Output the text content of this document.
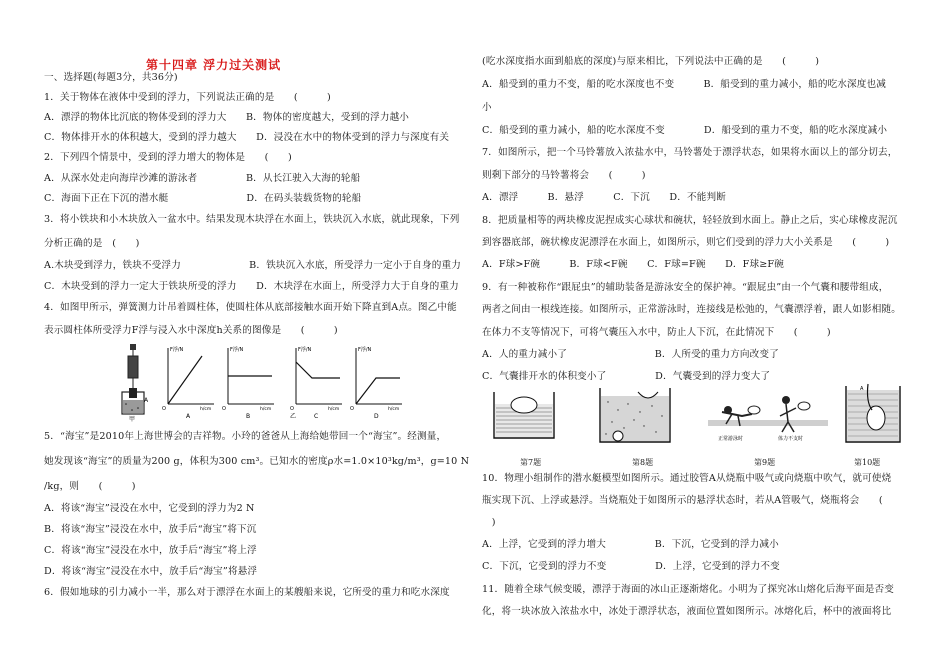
第十四章 浮力过关测试
一、选择题(每题3分，共36分)
1．关于物体在液体中受到的浮力，下列说法正确的是　　(　　　)
A．漂浮的物体比沉底的物体受到的浮力大　　B．物体的密度越大，受到的浮力越小
C．物体排开水的体积越大，受到的浮力越大　　D．浸没在水中的物体受到的浮力与深度有关
2．下列四个情景中，受到的浮力增大的物体是　　(　　)
A．从深水处走向海岸沙滩的游泳者　　　　　B．从长江驶入大海的轮船
C．海面下正在下沉的潜水艇　　　　　　　　D．在码头装载货物的轮船
3．将小铁块和小木块放入一盆水中。结果发现木块浮在水面上，铁块沉入水底，就此现象，下列
分析正确的是　(　　)
A.木块受到浮力，铁块不受浮力　　　　　　　B．铁块沉入水底，所受浮力一定小于自身的重力
C．木块受到的浮力一定大于铁块所受的浮力　　D．木块浮在水面上，所受浮力大于自身的重力
4．如图甲所示，弹簧测力计吊着圆柱体，使圆柱体从底部接触水面开始下降直到A点。图乙中能
表示圆柱体所受浮力F浮与浸入水中深度h关系的图像是　　(　　　)
A
甲
F浮/N
O	h/cm
A
F浮/N
O	h/cm
B	乙
F浮/N
O	h/cm
C
F浮/N
O	h/cm
D
5．“海宝”是2010年上海世博会的吉祥物。小玲的爸爸从上海给她带回一个“海宝”。经测量，
她发现该“海宝”的质量为200 g，体积为300 cm³。已知水的密度ρ水=1.0×10³kg/m³，g=10 N
/kg，则　　(　　　)
A．将该“海宝”浸没在水中，它受到的浮力为2 N
B．将该“海宝”浸没在水中，放手后“海宝”将下沉
C．将该“海宝”浸没在水中，放手后“海宝”将上浮
D．将该“海宝”浸没在水中，放手后“海宝”将悬浮
6．假如地球的引力减小一半，那么对于漂浮在水面上的某艘船来说，它所受的重力和吃水深度
(吃水深度指水面到船底的深度)与原来相比，下列说法中正确的是　　(　　　)
A．船受到的重力不变，船的吃水深度也不变　　　B．船受到的重力减小，船的吃水深度也减
小
C．船受到的重力减小，船的吃水深度不变　　　　D．船受到的重力不变，船的吃水深度减小
7．如图所示，把一个马铃薯放入浓盐水中，马铃薯处于漂浮状态，如果将水面以上的部分切去，
则剩下部分的马铃薯将会　　(　　　)
A．漂浮　　　B．悬浮　　　C．下沉　　D．不能判断
8．把质量相等的两块橡皮泥捏成实心球状和碗状，轻轻放到水面上。静止之后，实心球橡皮泥沉
到容器底部，碗状橡皮泥漂浮在水面上，如图所示，则它们受到的浮力大小关系是　　(　　　)
A．F球>F碗　　　B．F球<F碗　　C．F球=F碗　　D．F球≥F碗
9．有一种被称作“跟屁虫”的辅助装备是游泳安全的保护神。“跟屁虫”由一个气囊和腰带组成，
两者之间由一根线连接。如图所示，正常游泳时，连接线是松弛的，气囊漂浮着，跟人如影相随。
在体力不支等情况下，可将气囊压入水中，防止人下沉，在此情况下　　(　　　)
A．人的重力减小了　　　　　　　　　B．人所受的重力方向改变了
C．气囊排开水的体积变小了　　　　　D．气囊受到的浮力变大了
正常游泳时	体力不支时
A
第7题	第8题	第9题	第10题
10．物理小组制作的潜水艇模型如图所示。通过胶管A从烧瓶中吸气或向烧瓶中吹气，就可使烧
瓶实现下沉、上浮或悬浮。当烧瓶处于如图所示的悬浮状态时，若从A管吸气，烧瓶将会　　(
　)
A．上浮，它受到的浮力增大　　　　　B．下沉，它受到的浮力减小
C．下沉，它受到的浮力不变　　　　　D．上浮，它受到的浮力不变
11．随着全球气候变暖，漂浮于海面的冰山正逐渐熔化。小明为了探究冰山熔化后海平面是否变
化，将一块冰放入浓盐水中，冰处于漂浮状态，液面位置如图所示。冰熔化后，杯中的液面将比
